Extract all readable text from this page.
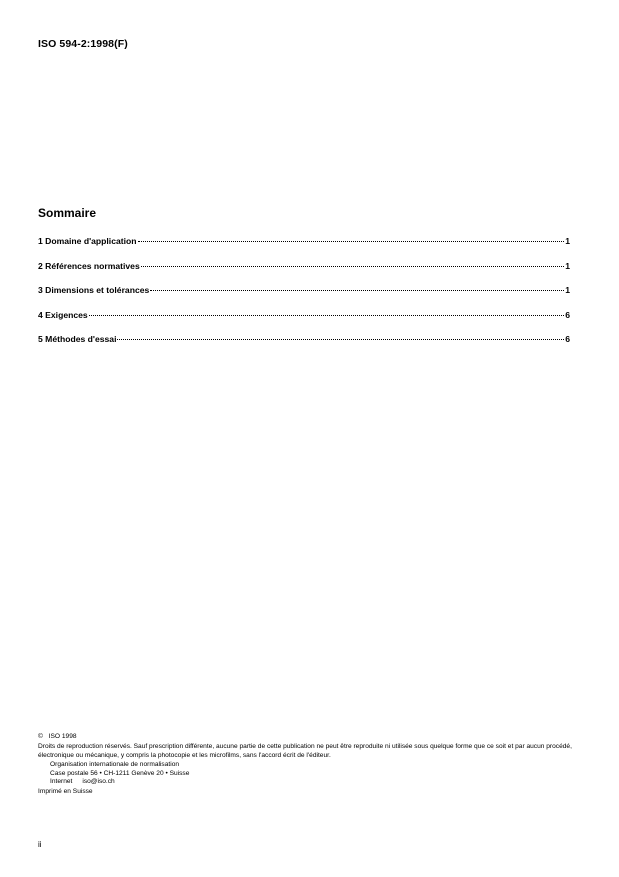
ISO 594-2:1998(F)
Sommaire
1 Domaine d'application	1
2 Références normatives	1
3 Dimensions et tolérances	1
4 Exigences	6
5 Méthodes d'essai	6
© ISO 1998
Droits de reproduction réservés. Sauf prescription différente, aucune partie de cette publication ne peut être reproduite ni utilisée sous quelque forme que ce soit et par aucun procédé, électronique ou mécanique, y compris la photocopie et les microfilms, sans l'accord écrit de l'éditeur.
Organisation internationale de normalisation
Case postale 56 • CH-1211 Genève 20 • Suisse
Internet iso@iso.ch
Imprimé en Suisse
ii
